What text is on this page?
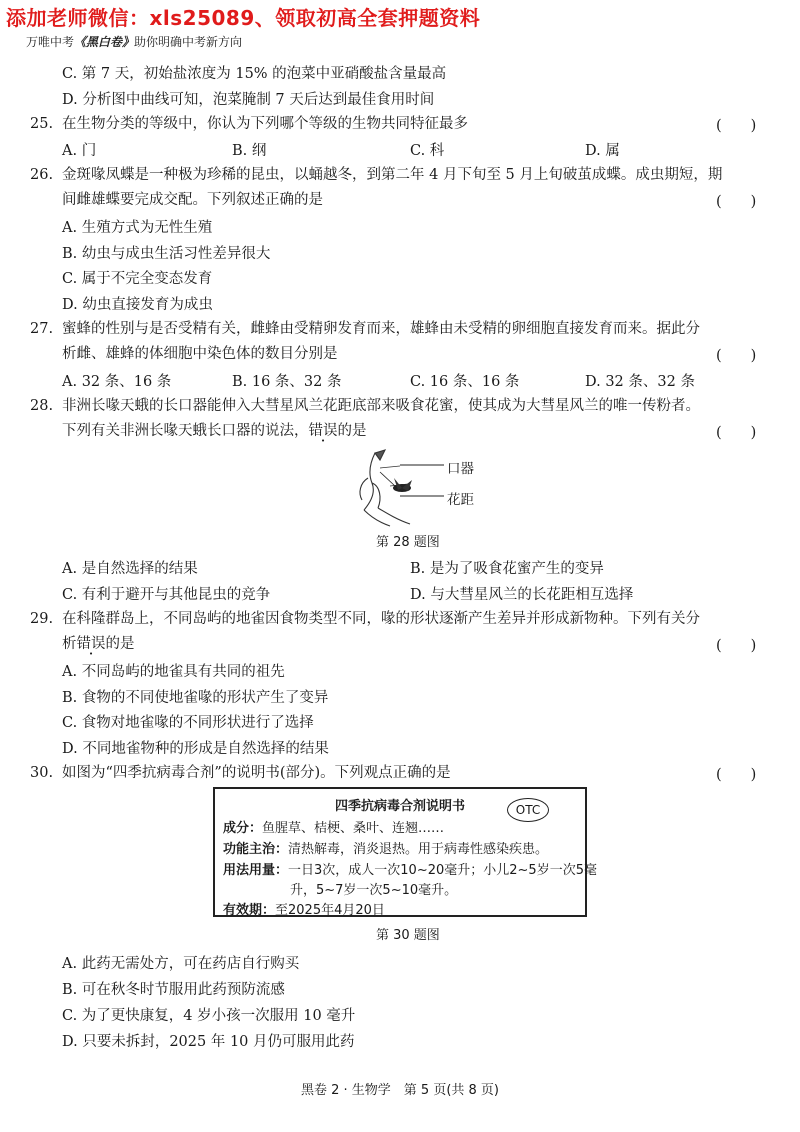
添加老师微信：xls25089、领取初高全套押题资料
万唯中考《黑白卷》助你明确中考新方向
C. 第 7 天，初始盐浓度为 15% 的泡菜中亚硝酸盐含量最高
D. 分析图中曲线可知，泡菜腌制 7 天后达到最佳食用时间
25. 在生物分类的等级中，你认为下列哪个等级的生物共同特征最多	(　　)
A. 门	B. 纲	C. 科	D. 属
26. 金斑喙凤蝶是一种极为珍稀的昆虫，以蛹越冬，到第二年 4 月下旬至 5 月上旬破茧成蝶。成虫期短，期
间雌雄蝶要完成交配。下列叙述正确的是	(　　)
A. 生殖方式为无性生殖
B. 幼虫与成虫生活习性差异很大
C. 属于不完全变态发育
D. 幼虫直接发育为成虫
27. 蜜蜂的性别与是否受精有关，雌蜂由受精卵发育而来，雄蜂由未受精的卵细胞直接发育而来。据此分
析雌、雄蜂的体细胞中染色体的数目分别是	(　　)
A. 32 条、16 条	B. 16 条、32 条	C. 16 条、16 条	D. 32 条、32 条
28. 非洲长喙天蛾的长口器能伸入大彗星风兰花距底部来吸食花蜜，使其成为大彗星风兰的唯一传粉者。
下列有关非洲长喙天蛾长口器的说法，错误的是	(　　)
口器
花距
第 28 题图
A. 是自然选择的结果	B. 是为了吸食花蜜产生的变异
C. 有利于避开与其他昆虫的竞争	D. 与大彗星风兰的长花距相互选择
29. 在科隆群岛上，不同岛屿的地雀因食物类型不同，喙的形状逐渐产生差异并形成新物种。下列有关分
析错误的是	(　　)
A. 不同岛屿的地雀具有共同的祖先
B. 食物的不同使地雀喙的形状产生了变异
C. 食物对地雀喙的不同形状进行了选择
D. 不同地雀物种的形成是自然选择的结果
30. 如图为“四季抗病毒合剂”的说明书(部分)。下列观点正确的是	(　　)
四季抗病毒合剂说明书	OTC
成分：鱼腥草、桔梗、桑叶、连翘……
功能主治：清热解毒，消炎退热。用于病毒性感染疾患。
用法用量：一日3次，成人一次10~20毫升；小儿2~5岁一次5毫
升，5~7岁一次5~10毫升。
有效期：至2025年4月20日
第 30 题图
A. 此药无需处方，可在药店自行购买
B. 可在秋冬时节服用此药预防流感
C. 为了更快康复，4 岁小孩一次服用 10 毫升
D. 只要未拆封，2025 年 10 月仍可服用此药
黑卷 2 · 生物学　第 5 页(共 8 页)
